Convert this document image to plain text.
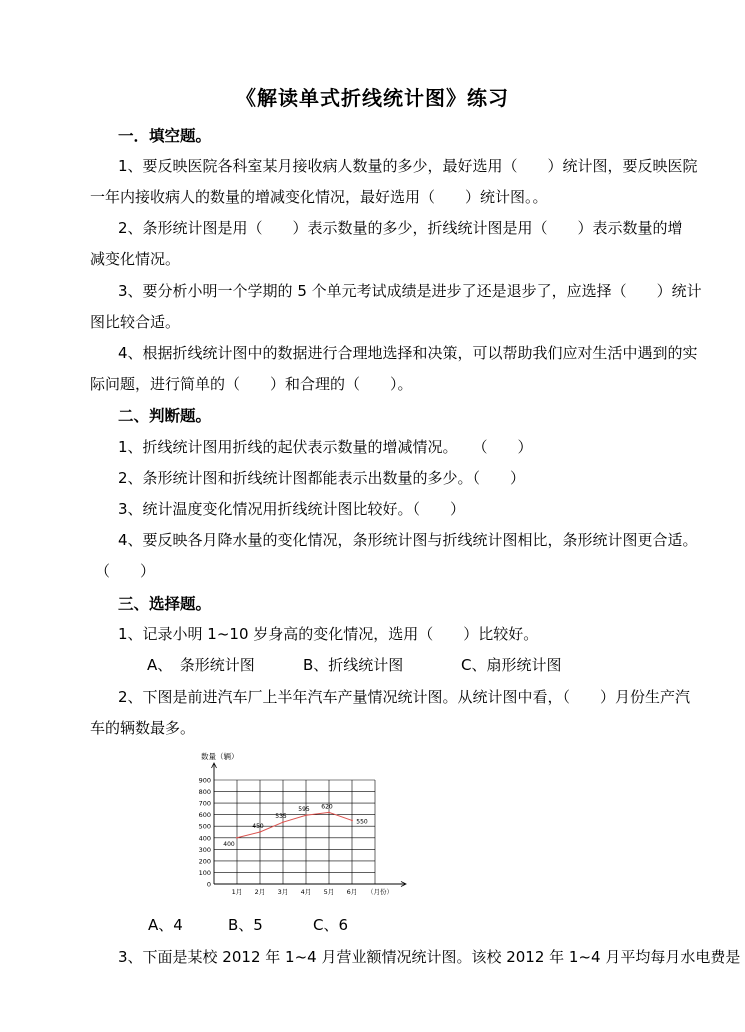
《解读单式折线统计图》练习
一．填空题。
1、要反映医院各科室某月接收病人数量的多少，最好选用（　　）统计图，要反映医院
一年内接收病人的数量的增减变化情况，最好选用（　　）统计图。。
2、条形统计图是用（　　）表示数量的多少，折线统计图是用（　　）表示数量的增
减变化情况。
3、要分析小明一个学期的 5 个单元考试成绩是进步了还是退步了，应选择（　　）统计
图比较合适。
4、根据折线统计图中的数据进行合理地选择和决策，可以帮助我们应对生活中遇到的实
际问题，进行简单的（　　）和合理的（　　）。
二、判断题。
1、折线统计图用折线的起伏表示数量的增减情况。　　（　　）
2、条形统计图和折线统计图都能表示出数量的多少。（　　）
3、统计温度变化情况用折线统计图比较好。（　　）
4、要反映各月降水量的变化情况，条形统计图与折线统计图相比，条形统计图更合适。
（　　）
三、选择题。
1、记录小明 1~10 岁身高的变化情况，选用（　　）比较好。
A、　条形统计图	B、折线统计图	C、扇形统计图
2、下图是前进汽车厂上半年汽车产量情况统计图。从统计图中看，（　　）月份生产汽
车的辆数最多。
数量（辆）
（月份）
0
100
200
300
400
500
600
700
800
900
1月 2月 3月 4月 5月 6月
400
450
535
595 620
550
A、4	B、5	C、6
3、下面是某校 2012 年 1~4 月营业额情况统计图。该校 2012 年 1~4 月平均每月水电费是
